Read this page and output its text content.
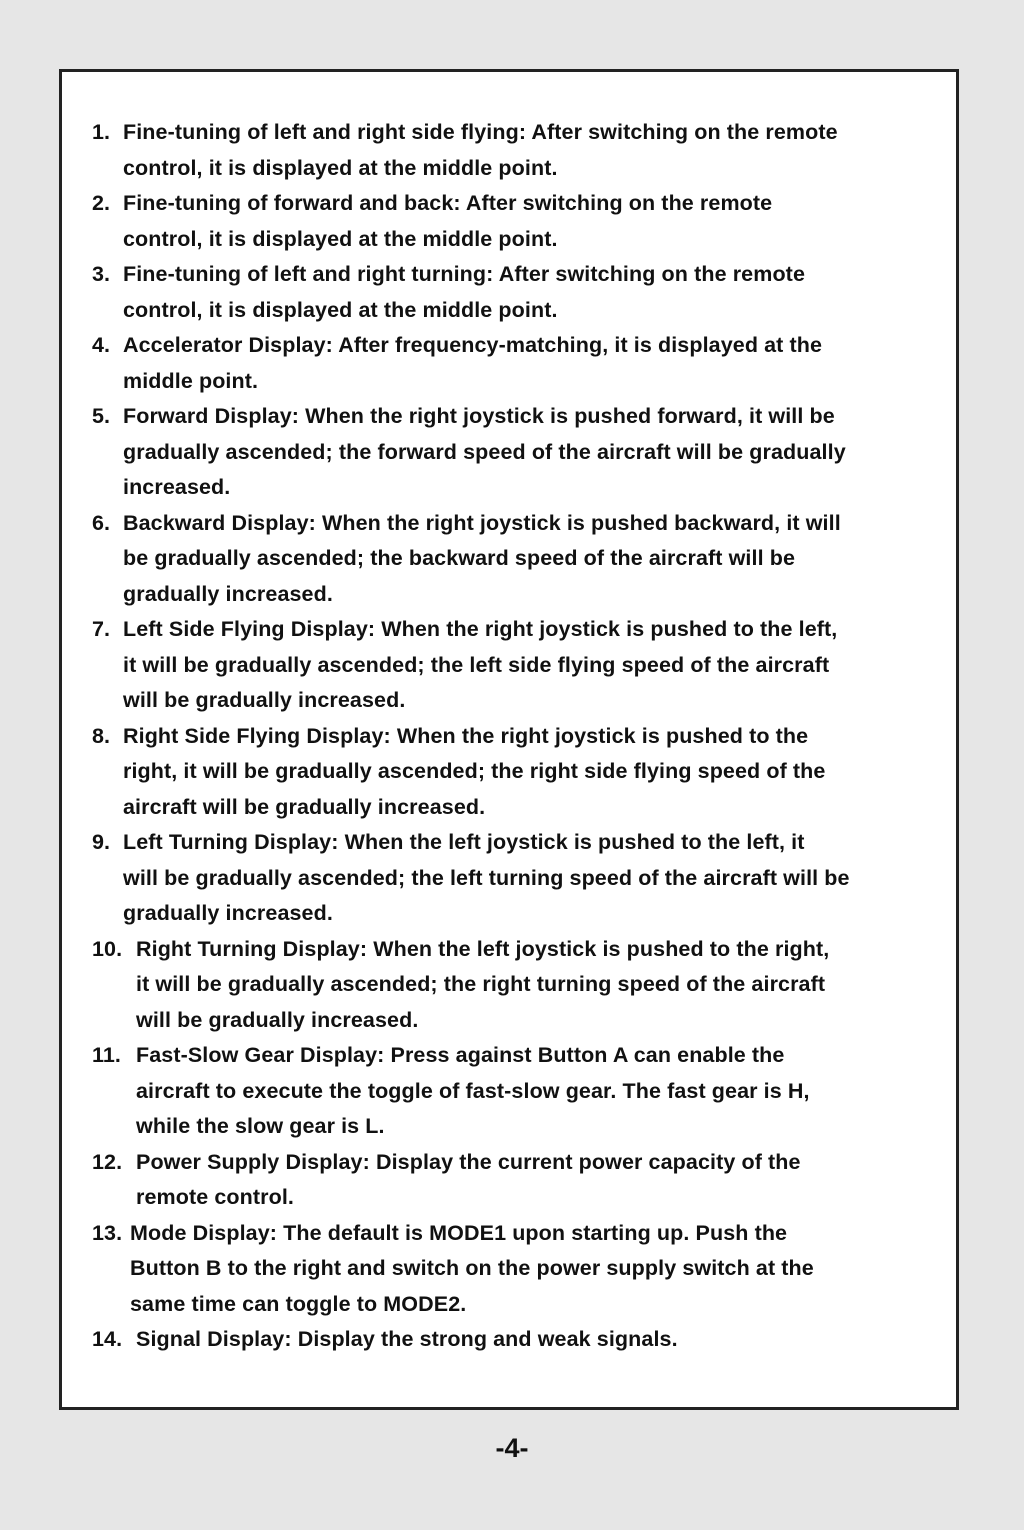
1. Fine-tuning of left and right side flying: After switching on the remote
control, it is displayed at the middle point.
2. Fine-tuning of forward and back: After switching on the remote
control, it is displayed at the middle point.
3. Fine-tuning of left and right turning: After switching on the remote
control, it is displayed at the middle point.
4. Accelerator Display: After frequency-matching, it is displayed at the
middle point.
5. Forward Display: When the right joystick is pushed forward, it will be
gradually ascended; the forward speed of the aircraft will be gradually
increased.
6. Backward Display: When the right joystick is pushed backward, it will
be gradually ascended; the backward speed of the aircraft will be
gradually increased.
7. Left Side Flying Display: When the right joystick is pushed to the left,
it will be gradually ascended; the left side flying speed of the aircraft
will be gradually increased.
8. Right Side Flying Display: When the right joystick is pushed to the
right, it will be gradually ascended; the right side flying speed of the
aircraft will be gradually increased.
9. Left Turning Display: When the left joystick is pushed to the left, it
will be gradually ascended; the left turning speed of the aircraft will be
gradually increased.
10. Right Turning Display: When the left joystick is pushed to the right,
it will be gradually ascended; the right turning speed of the aircraft
will be gradually increased.
11. Fast-Slow Gear Display: Press against Button A can enable the
aircraft to execute the toggle of fast-slow gear. The fast gear is H,
while the slow gear is L.
12. Power Supply Display: Display the current power capacity of the
remote control.
13. Mode Display: The default is MODE1 upon starting up. Push the
Button B to the right and switch on the power supply switch at the
same time can toggle to MODE2.
14. Signal Display: Display the strong and weak signals.
-4-
